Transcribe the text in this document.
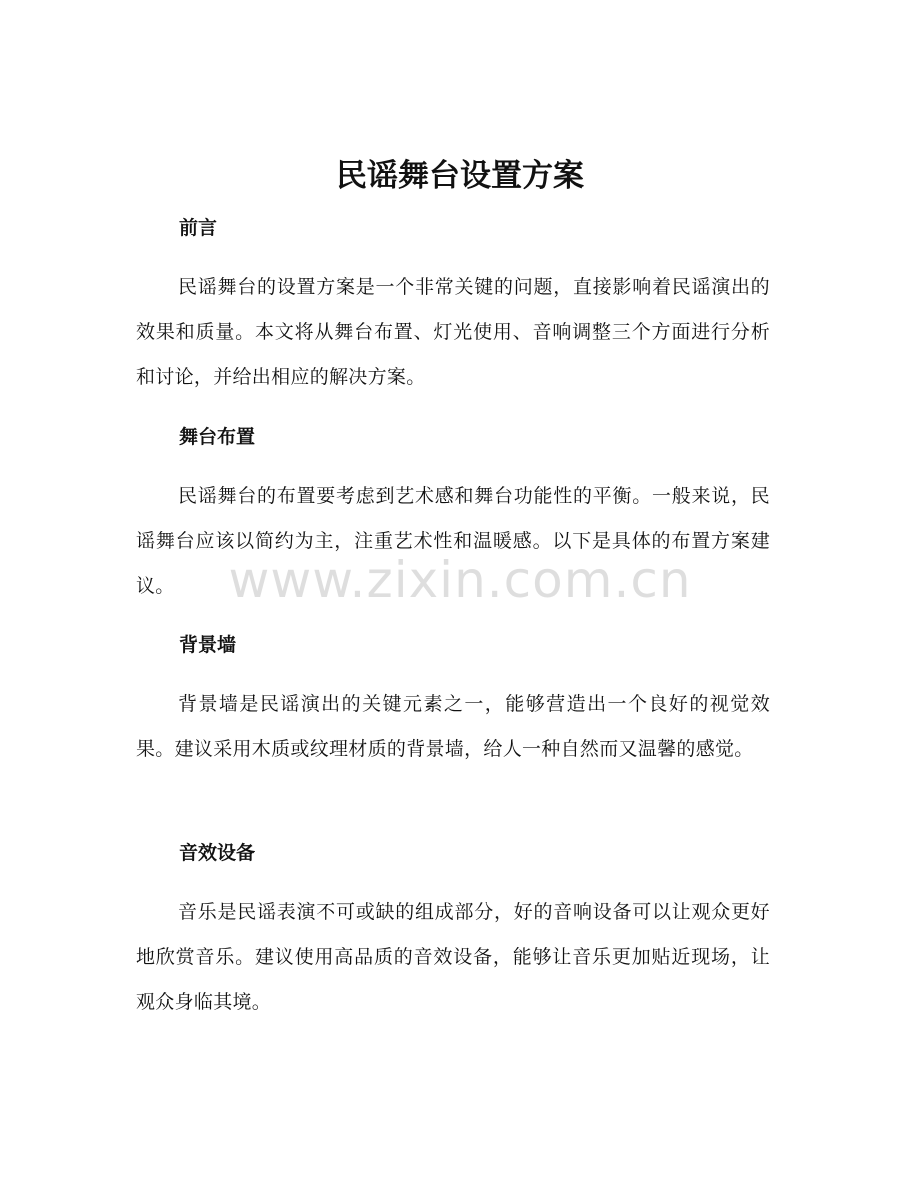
民谣舞台设置方案
前言

民谣舞台的设置方案是一个非常关键的问题，直接影响着民谣演出的效果和质量。本文将从舞台布置、灯光使用、音响调整三个方面进行分析和讨论，并给出相应的解决方案。

舞台布置

民谣舞台的布置要考虑到艺术感和舞台功能性的平衡。一般来说，民谣舞台应该以简约为主，注重艺术性和温暖感。以下是具体的布置方案建议。

背景墙

背景墙是民谣演出的关键元素之一，能够营造出一个良好的视觉效果。建议采用木质或纹理材质的背景墙，给人一种自然而又温馨的感觉。

音效设备

音乐是民谣表演不可或缺的组成部分，好的音响设备可以让观众更好地欣赏音乐。建议使用高品质的音效设备，能够让音乐更加贴近现场，让观众身临其境。

www.zixin.com.cn
